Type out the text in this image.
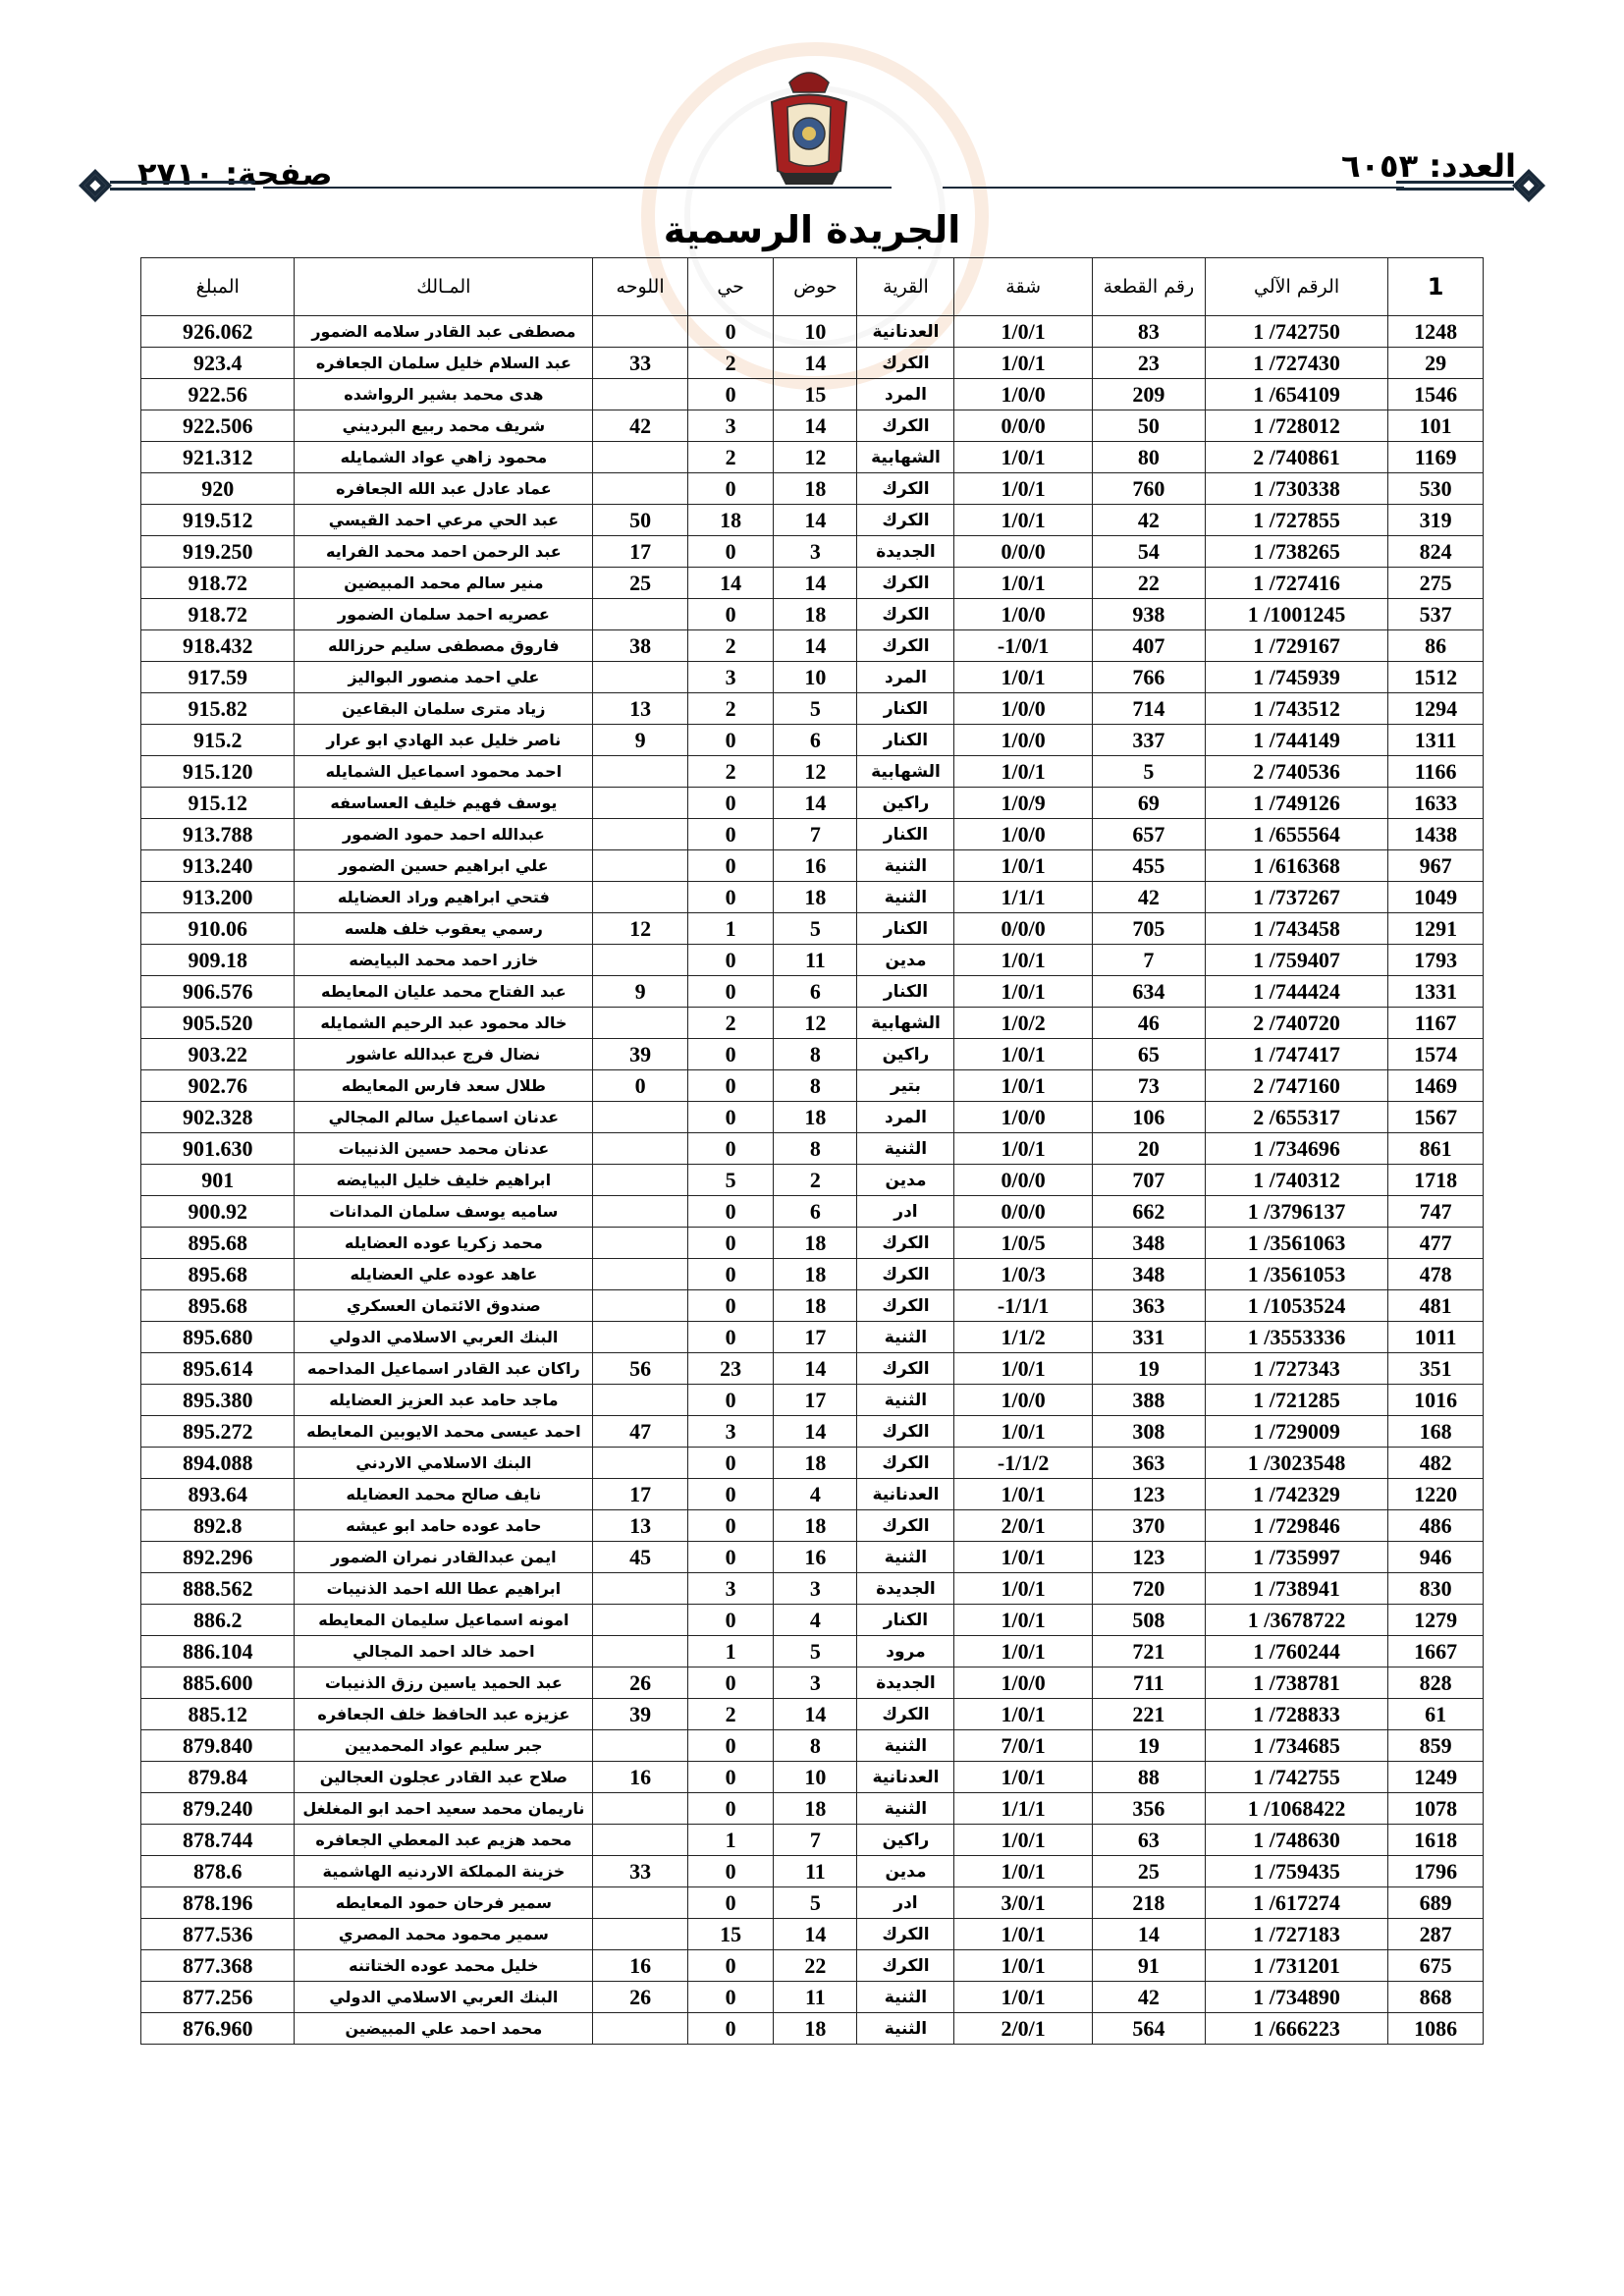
العدد: ٦٠٥٣
صفحة: ٢٧١٠
الجريدة الرسمية
المبلغ	المـالك	اللوحه	حي	حوض	القرية	شقة	رقم القطعة	الرقم الآلي	1
926.062	مصطفى عبد القادر سلامه الضمور		0	10	العدنانية	1/0/1	83	1 /742750	1248
923.4	عبد السلام خليل سلمان الجعافره	33	2	14	الكرك	1/0/1	23	1 /727430	29
922.56	هدى محمد بشير الرواشده		0	15	المرد	1/0/0	209	1 /654109	1546
922.506	شريف محمد ربيع البرديني	42	3	14	الكرك	0/0/0	50	1 /728012	101
921.312	محمود زاهي عواد الشمايله		2	12	الشهابية	1/0/1	80	2 /740861	1169
920	عماد عادل عبد الله الجعافره		0	18	الكرك	1/0/1	760	1 /730338	530
919.512	عبد الحي مرعي احمد القيسي	50	18	14	الكرك	1/0/1	42	1 /727855	319
919.250	عبد الرحمن احمد محمد الفرايه	17	0	3	الجديدة	0/0/0	54	1 /738265	824
918.72	منير سالم محمد المبيضين	25	14	14	الكرك	1/0/1	22	1 /727416	275
918.72	عصريه احمد سلمان الضمور		0	18	الكرك	1/0/0	938	1 /1001245	537
918.432	فاروق مصطفى سليم حرزالله	38	2	14	الكرك	-1/0/1	407	1 /729167	86
917.59	علي احمد منصور البواليز		3	10	المرد	1/0/1	766	1 /745939	1512
915.82	زياد مترى سلمان البقاعين	13	2	5	الكنار	1/0/0	714	1 /743512	1294
915.2	ناصر خليل عبد الهادي ابو عرار	9	0	6	الكنار	1/0/0	337	1 /744149	1311
915.120	احمد محمود اسماعيل الشمايله		2	12	الشهابية	1/0/1	5	2 /740536	1166
915.12	يوسف فهيم خليف العساسفه		0	14	راكين	1/0/9	69	1 /749126	1633
913.788	عبدالله احمد حمود الضمور		0	7	الكنار	1/0/0	657	1 /655564	1438
913.240	علي ابراهيم حسين الضمور		0	16	الثنية	1/0/1	455	1 /616368	967
913.200	فتحي ابراهيم وراد العضايله		0	18	الثنية	1/1/1	42	1 /737267	1049
910.06	رسمي يعقوب خلف هلسه	12	1	5	الكنار	0/0/0	705	1 /743458	1291
909.18	خازر احمد محمد البيايضه		0	11	مدين	1/0/1	7	1 /759407	1793
906.576	عبد الفتاح محمد عليان المعايطه	9	0	6	الكنار	1/0/1	634	1 /744424	1331
905.520	خالد محمود عبد الرحيم الشمايله		2	12	الشهابية	1/0/2	46	2 /740720	1167
903.22	نضال فرج عبدالله عاشور	39	0	8	راكين	1/0/1	65	1 /747417	1574
902.76	طلال سعد فارس المعايطه	0	0	8	بتير	1/0/1	73	2 /747160	1469
902.328	عدنان اسماعيل سالم المجالي		0	18	المرد	1/0/0	106	2 /655317	1567
901.630	عدنان محمد حسين الذنيبات		0	8	الثنية	1/0/1	20	1 /734696	861
901	ابراهيم خليف خليل البيايضه		5	2	مدين	0/0/0	707	1 /740312	1718
900.92	ساميه يوسف سلمان المدانات		0	6	ادر	0/0/0	662	1 /3796137	747
895.68	محمد زكريا عوده العضايله		0	18	الكرك	1/0/5	348	1 /3561063	477
895.68	عاهد عوده علي العضايله		0	18	الكرك	1/0/3	348	1 /3561053	478
895.68	صندوق الائتمان العسكري		0	18	الكرك	-1/1/1	363	1 /1053524	481
895.680	البنك العربي الاسلامي الدولي		0	17	الثنية	1/1/2	331	1 /3553336	1011
895.614	راكان عبد القادر اسماعيل المداحمه	56	23	14	الكرك	1/0/1	19	1 /727343	351
895.380	ماجد حامد عبد العزيز العضايله		0	17	الثنية	1/0/0	388	1 /721285	1016
895.272	احمد عيسى محمد الايوبين المعايطه	47	3	14	الكرك	1/0/1	308	1 /729009	168
894.088	البنك الاسلامي الاردني		0	18	الكرك	-1/1/2	363	1 /3023548	482
893.64	نايف صالح محمد العضايله	17	0	4	العدنانية	1/0/1	123	1 /742329	1220
892.8	حامد عوده حامد ابو عيشه	13	0	18	الكرك	2/0/1	370	1 /729846	486
892.296	ايمن عبدالقادر نمران الضمور	45	0	16	الثنية	1/0/1	123	1 /735997	946
888.562	ابراهيم عطا الله احمد الذنيبات		3	3	الجديدة	1/0/1	720	1 /738941	830
886.2	امونه اسماعيل سليمان المعايطه		0	4	الكنار	1/0/1	508	1 /3678722	1279
886.104	احمد خالد احمد المجالي		1	5	مرود	1/0/1	721	1 /760244	1667
885.600	عبد الحميد ياسين رزق الذنيبات	26	0	3	الجديدة	1/0/0	711	1 /738781	828
885.12	عزيزه عبد الحافظ خلف الجعافره	39	2	14	الكرك	1/0/1	221	1 /728833	61
879.840	جبر سليم عواد المحمديين		0	8	الثنية	7/0/1	19	1 /734685	859
879.84	صلاح عبد القادر عجلون العجالين	16	0	10	العدنانية	1/0/1	88	1 /742755	1249
879.240	ناريمان محمد سعيد احمد ابو المغلغل		0	18	الثنية	1/1/1	356	1 /1068422	1078
878.744	محمد هزيم عبد المعطي الجعافره		1	7	راكين	1/0/1	63	1 /748630	1618
878.6	خزينة المملكة الاردنيه الهاشمية	33	0	11	مدين	1/0/1	25	1 /759435	1796
878.196	سمير فرحان حمود المعايطه		0	5	ادر	3/0/1	218	1 /617274	689
877.536	سمير محمود محمد المصري		15	14	الكرك	1/0/1	14	1 /727183	287
877.368	خليل محمد عوده الختاتنه	16	0	22	الكرك	1/0/1	91	1 /731201	675
877.256	البنك العربي الاسلامي الدولي	26	0	11	الثنية	1/0/1	42	1 /734890	868
876.960	محمد احمد علي المبيضين		0	18	الثنية	2/0/1	564	1 /666223	1086
